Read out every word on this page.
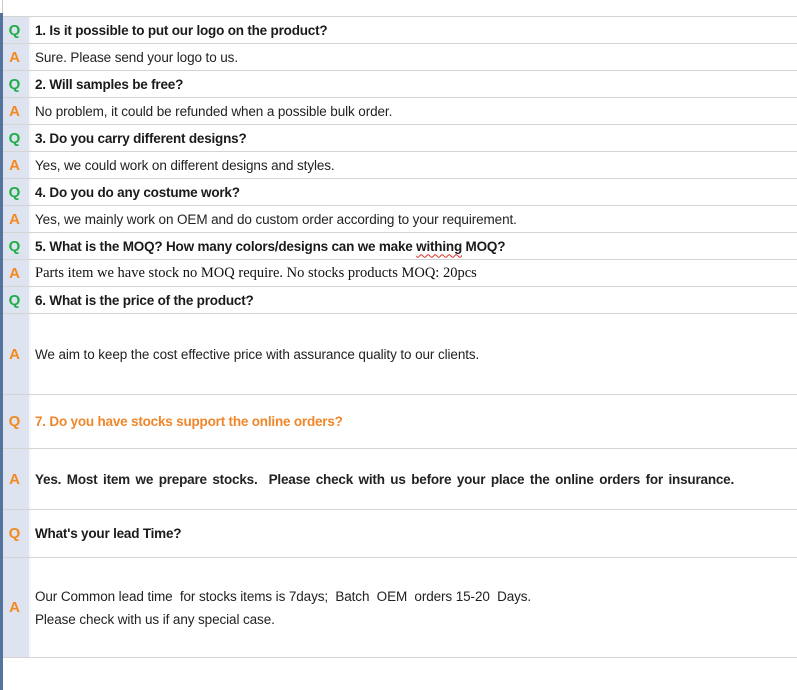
Q 1. Is it possible to put our logo on the product?
A Sure. Please send your logo to us.
Q 2. Will samples be free?
A No problem, it could be refunded when a possible bulk order.
Q 3. Do you carry different designs?
A Yes, we could work on different designs and styles.
Q 4. Do you do any costume work?
A Yes, we mainly work on OEM and do custom order according to your requirement.
Q 5. What is the MOQ? How many colors/designs can we make withing MOQ?
A Parts item we have stock no MOQ require. No stocks products MOQ: 20pcs
Q 6. What is the price of the product?
A We aim to keep the cost effective price with assurance quality to our clients.
Q 7. Do you have stocks support the online orders?
A Yes. Most item we prepare stocks.  Please check with us before your place the online orders for insurance.
Q What's your lead Time?
A
Our Common lead time  for stocks items is 7days;  Batch  OEM  orders 15-20  Days.
Please check with us if any special case.
